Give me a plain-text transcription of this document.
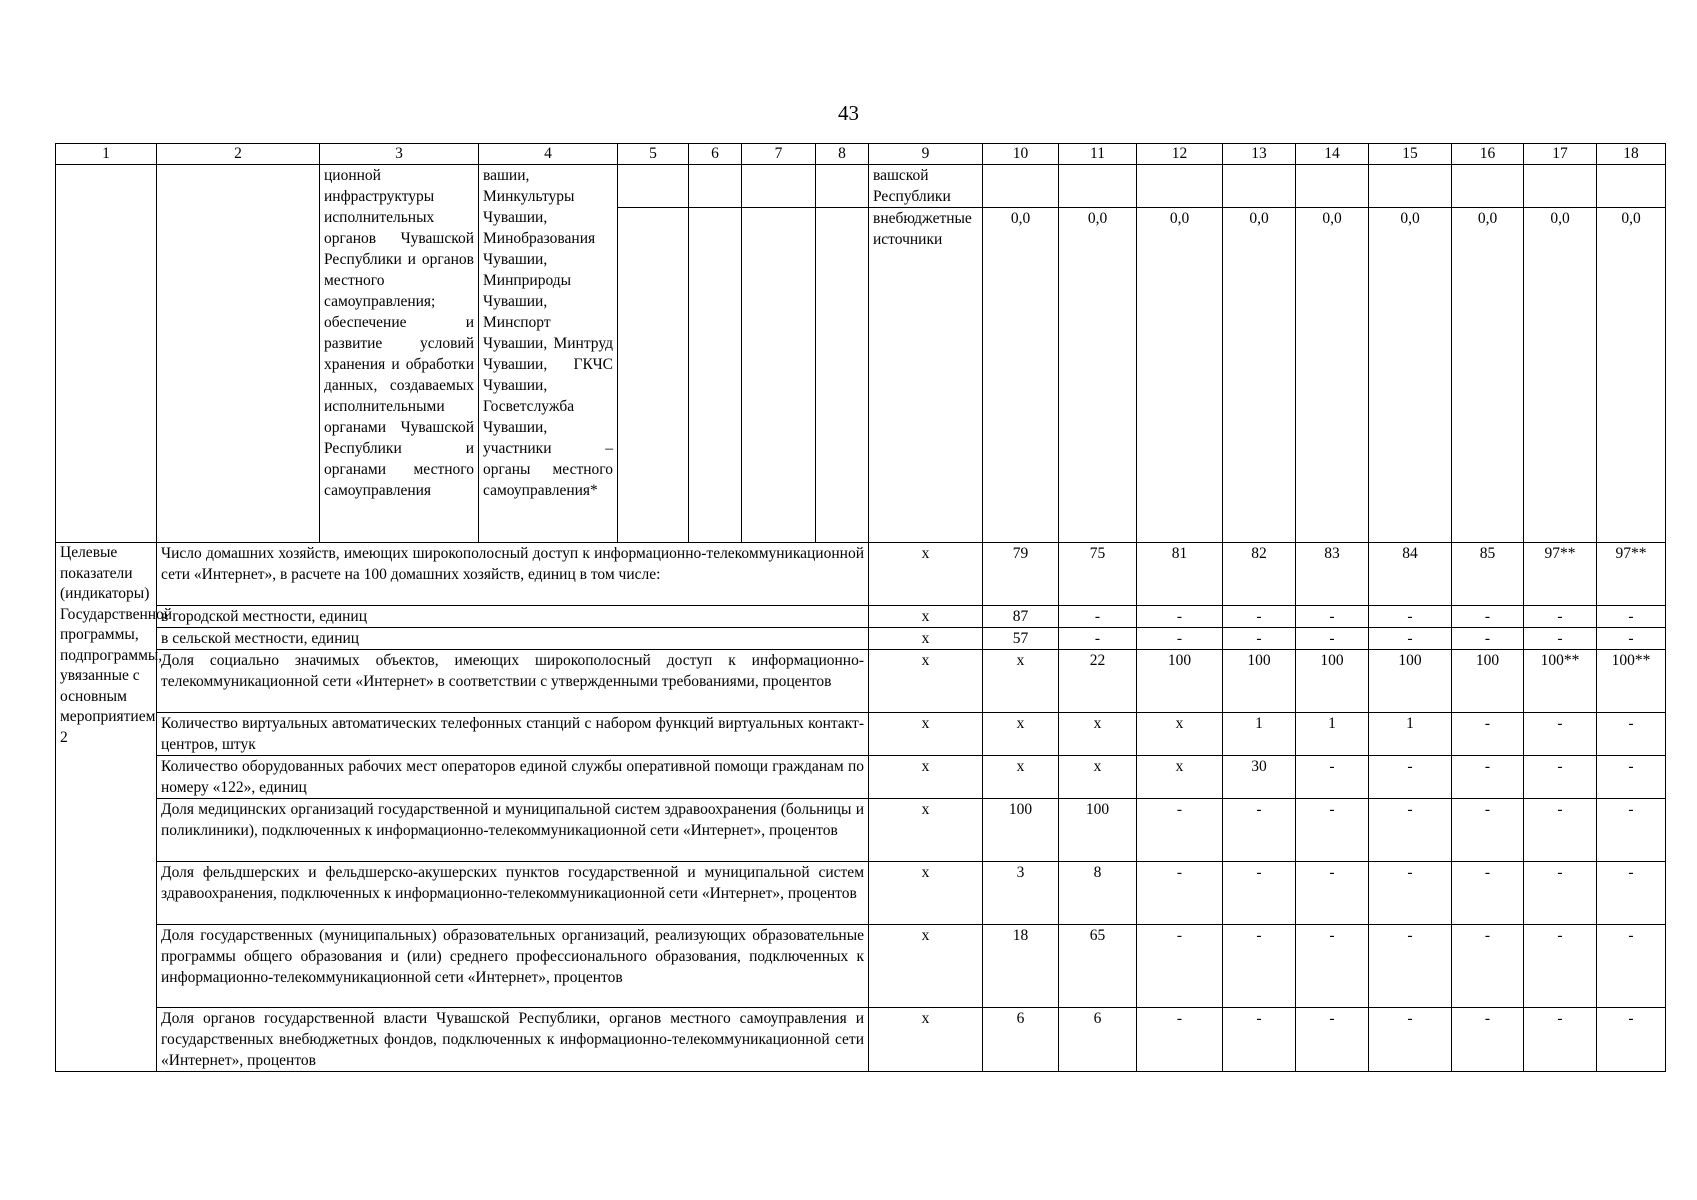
43
1	2	3	4	5	6	7	8	9	10	11	12	13	14	15	16	17	18
		ционной инфраструктуры исполнительных органов Чувашской Республики и органов местного самоуправления; обеспечение и развитие условий хранения и обработки данных, создаваемых исполнительными органами Чувашской Республики и органами местного самоуправления	вашии, Минкультуры Чувашии, Минобразования Чувашии, Минприроды Чувашии, Минспорт Чувашии, Минтруд Чувашии, ГКЧС Чувашии, Госветслужба Чувашии, участники – органы местного самоуправления*					вашской Республики									
								внебюджетные источники	0,0	0,0	0,0	0,0	0,0	0,0	0,0	0,0	0,0
Целевые показатели (индикаторы) Государственной программы, подпрограммы, увязанные с основным мероприятием 2	Число домашних хозяйств, имеющих широкополосный доступ к информационно-телекоммуникационной сети «Интернет», в расчете на 100 домашних хозяйств, единиц в том числе:							х	79	75	81	82	83	84	85	97**	97**
	в городской местности, единиц							х	87	-	-	-	-	-	-	-	-
	в сельской местности, единиц							х	57	-	-	-	-	-	-	-	-
	Доля социально значимых объектов, имеющих широкополосный доступ к информационно-телекоммуникационной сети «Интернет» в соответствии с утвержденными требованиями, процентов							х	х	22	100	100	100	100	100	100**	100**
	Количество виртуальных автоматических телефонных станций с набором функций виртуальных контакт-центров, штук							х	х	х	х	1	1	1	-	-	-
	Количество оборудованных рабочих мест операторов единой службы оперативной помощи гражданам по номеру «122», единиц							х	х	х	х	30	-	-	-	-	-
	Доля медицинских организаций государственной и муниципальной систем здравоохранения (больницы и поликлиники), подключенных к информационно-телекоммуникационной сети «Интернет», процентов							х	100	100	-	-	-	-	-	-	-
	Доля фельдшерских и фельдшерско-акушерских пунктов государственной и муниципальной систем здравоохранения, подключенных к информационно-телекоммуникационной сети «Интернет», процентов							х	3	8	-	-	-	-	-	-	-
	Доля государственных (муниципальных) образовательных организаций, реализующих образовательные программы общего образования и (или) среднего профессионального образования, подключенных к информационно-телекоммуникационной сети «Интернет», процентов							х	18	65	-	-	-	-	-	-	-
	Доля органов государственной власти Чувашской Республики, органов местного самоуправления и государственных внебюджетных фондов, подключенных к информационно-телекоммуникационной сети «Интернет», процентов							х	6	6	-	-	-	-	-	-	-
